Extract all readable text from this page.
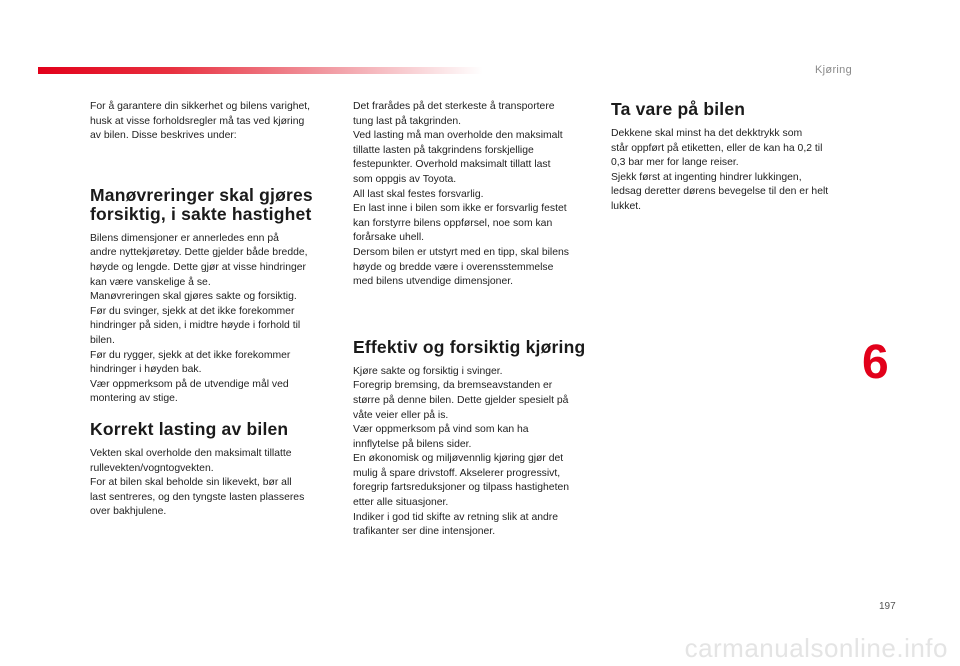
Kjøring

For å garantere din sikkerhet og bilens varighet,
husk at visse forholdsregler må tas ved kjøring
av bilen. Disse beskrives under:

Manøvreringer skal gjøres
forsiktig, i sakte hastighet

Bilens dimensjoner er annerledes enn på
andre nyttekjøretøy. Dette gjelder både bredde,
høyde og lengde. Dette gjør at visse hindringer
kan være vanskelige å se.
Manøvreringen skal gjøres sakte og forsiktig.
Før du svinger, sjekk at det ikke forekommer
hindringer på siden, i midtre høyde i forhold til
bilen.
Før du rygger, sjekk at det ikke forekommer
hindringer i høyden bak.
Vær oppmerksom på de utvendige mål ved
montering av stige.

Korrekt lasting av bilen

Vekten skal overholde den maksimalt tillatte
rullevekten/vogntogvekten.
For at bilen skal beholde sin likevekt, bør all
last sentreres, og den tyngste lasten plasseres
over bakhjulene.

Det frarådes på det sterkeste å transportere
tung last på takgrinden.
Ved lasting må man overholde den maksimalt
tillatte lasten på takgrindens forskjellige
festepunkter. Overhold maksimalt tillatt last
som oppgis av Toyota.
All last skal festes forsvarlig.
En last inne i bilen som ikke er forsvarlig festet
kan forstyrre bilens oppførsel, noe som kan
forårsake uhell.
Dersom bilen er utstyrt med en tipp, skal bilens
høyde og bredde være i overensstemmelse
med bilens utvendige dimensjoner.

Effektiv og forsiktig kjøring

Kjøre sakte og forsiktig i svinger.
Foregrip bremsing, da bremseavstanden er
større på denne bilen. Dette gjelder spesielt på
våte veier eller på is.
Vær oppmerksom på vind som kan ha
innflytelse på bilens sider.
En økonomisk og miljøvennlig kjøring gjør det
mulig å spare drivstoff. Akselerer progressivt,
foregrip fartsreduksjoner og tilpass hastigheten
etter alle situasjoner.
Indiker i god tid skifte av retning slik at andre
trafikanter ser dine intensjoner.

Ta vare på bilen

Dekkene skal minst ha det dekktrykk som
står oppført på etiketten, eller de kan ha 0,2 til
0,3 bar mer for lange reiser.
Sjekk først at ingenting hindrer lukkingen,
ledsag deretter dørens bevegelse til den er helt
lukket.

6
197
carmanualsonline.info
